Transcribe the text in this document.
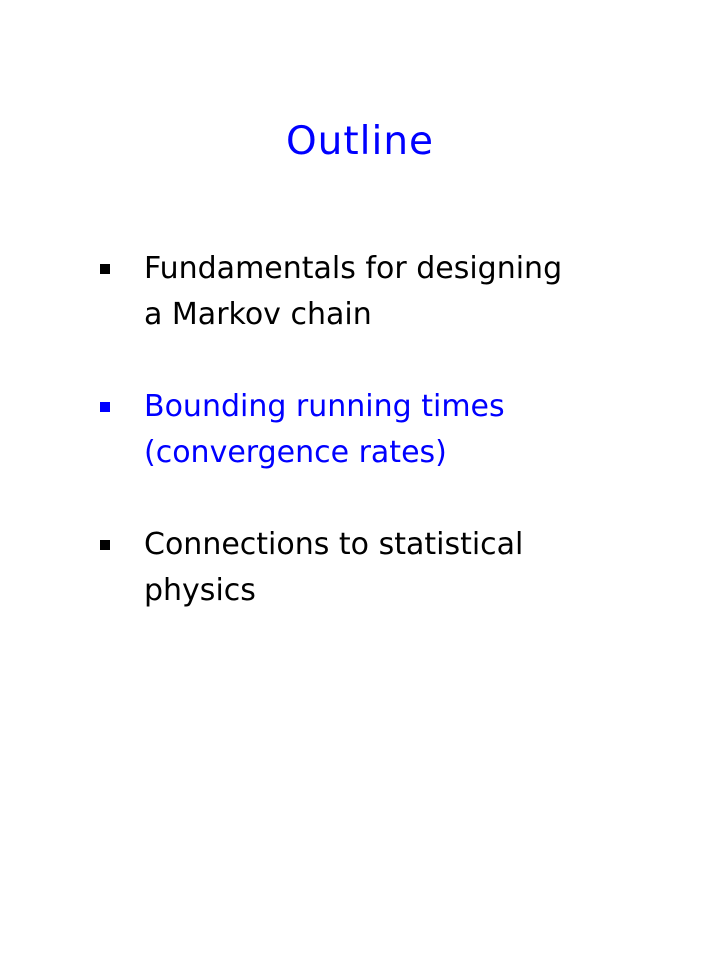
Outline
Fundamentals for designing
a Markov chain
Bounding running times
(convergence rates)
Connections to statistical
physics
